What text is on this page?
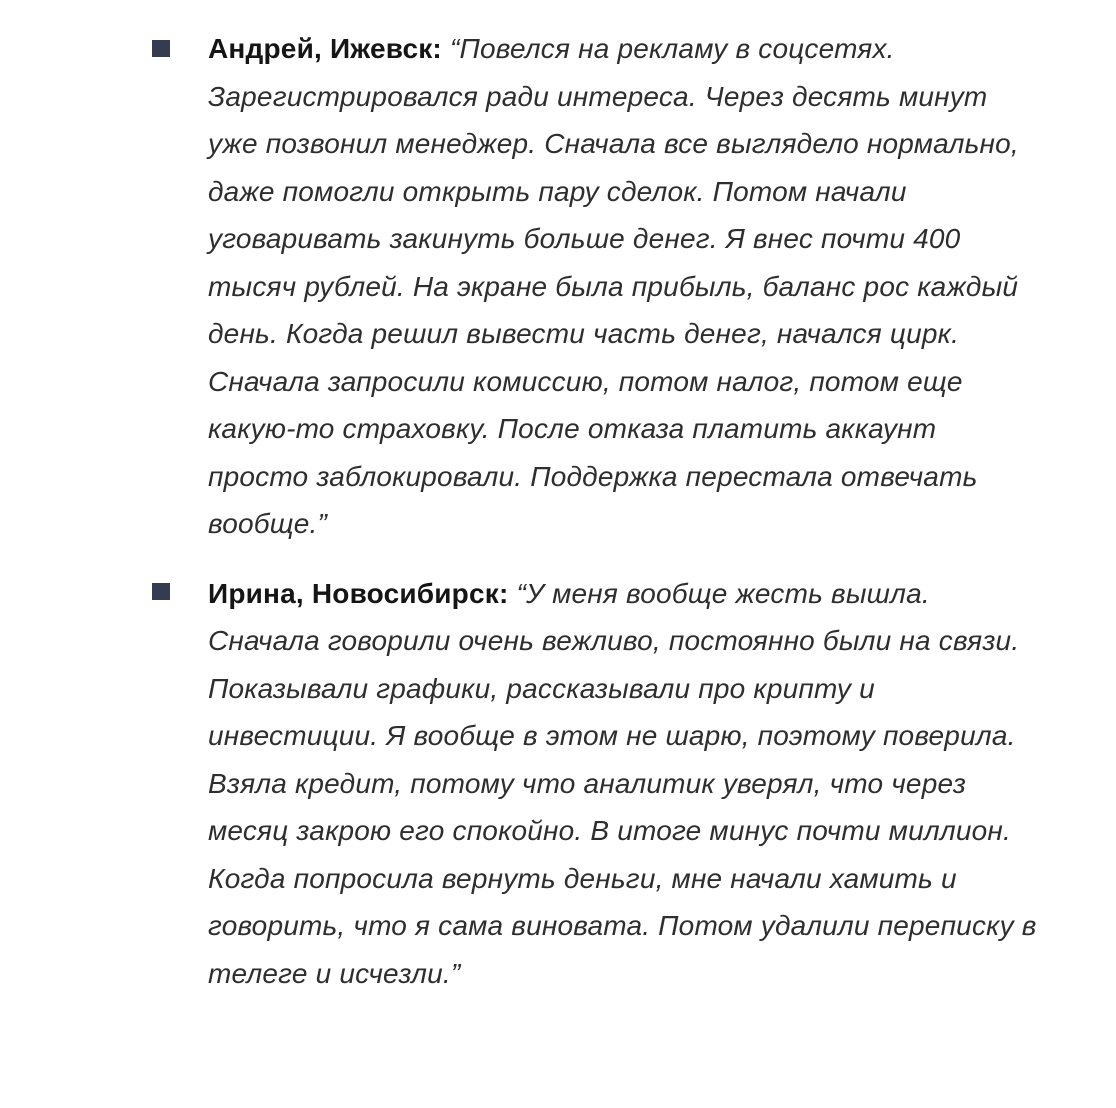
Андрей, Ижевск: “Повелся на рекламу в соцсетях. Зарегистрировался ради интереса. Через десять минут уже позвонил менеджер. Сначала все выглядело нормально, даже помогли открыть пару сделок. Потом начали уговаривать закинуть больше денег. Я внес почти 400 тысяч рублей. На экране была прибыль, баланс рос каждый день. Когда решил вывести часть денег, начался цирк. Сначала запросили комиссию, потом налог, потом еще какую-то страховку. После отказа платить аккаунт просто заблокировали. Поддержка перестала отвечать вообще.”
Ирина, Новосибирск: “У меня вообще жесть вышла. Сначала говорили очень вежливо, постоянно были на связи. Показывали графики, рассказывали про крипту и инвестиции. Я вообще в этом не шарю, поэтому поверила. Взяла кредит, потому что аналитик уверял, что через месяц закрою его спокойно. В итоге минус почти миллион. Когда попросила вернуть деньги, мне начали хамить и говорить, что я сама виновата. Потом удалили переписку в телеге и исчезли.”
